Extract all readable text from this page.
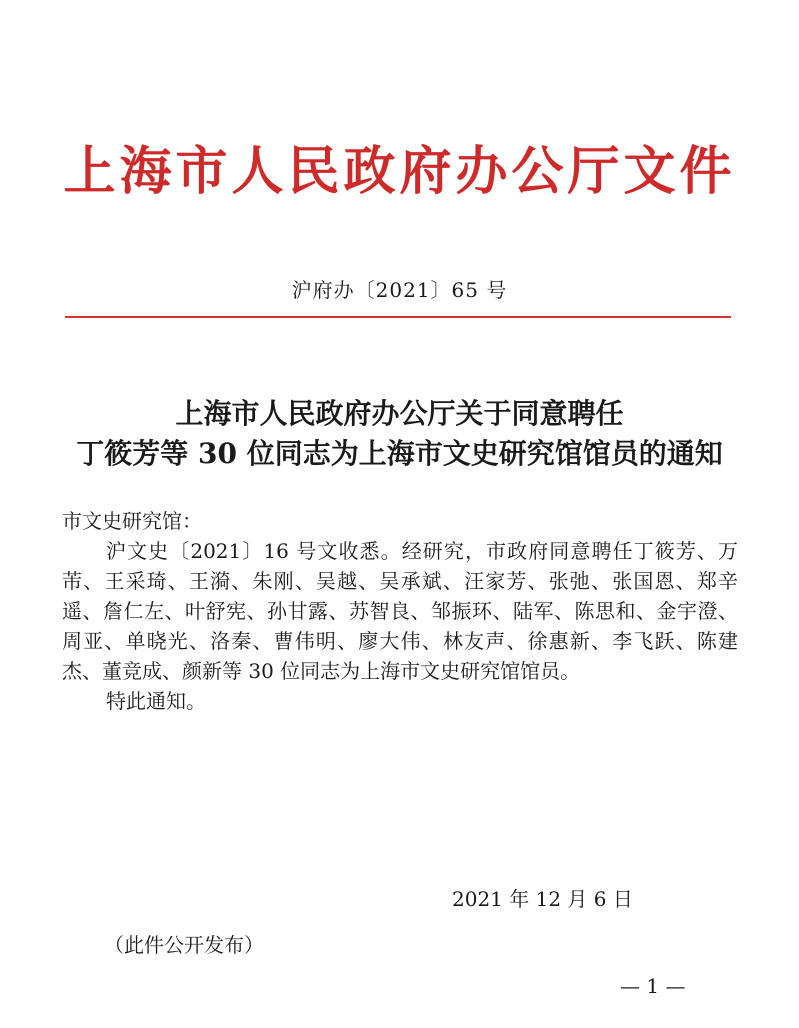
上海市人民政府办公厅文件
沪府办〔2021〕65 号
上海市人民政府办公厅关于同意聘任
丁筱芳等 30 位同志为上海市文史研究馆馆员的通知

市文史研究馆：

沪文史〔2021〕16 号文收悉。经研究，市政府同意聘任丁筱芳、万芾、王采琦、王漪、朱刚、吴越、吴承斌、汪家芳、张弛、张国恩、郑辛遥、詹仁左、叶舒宪、孙甘露、苏智良、邹振环、陆军、陈思和、金宇澄、周亚、单晓光、洛秦、曹伟明、廖大伟、林友声、徐惠新、李飞跃、陈建杰、董竞成、颜新等 30 位同志为上海市文史研究馆馆员。

特此通知。

2021 年 12 月 6 日
（此件公开发布）
— 1 —
